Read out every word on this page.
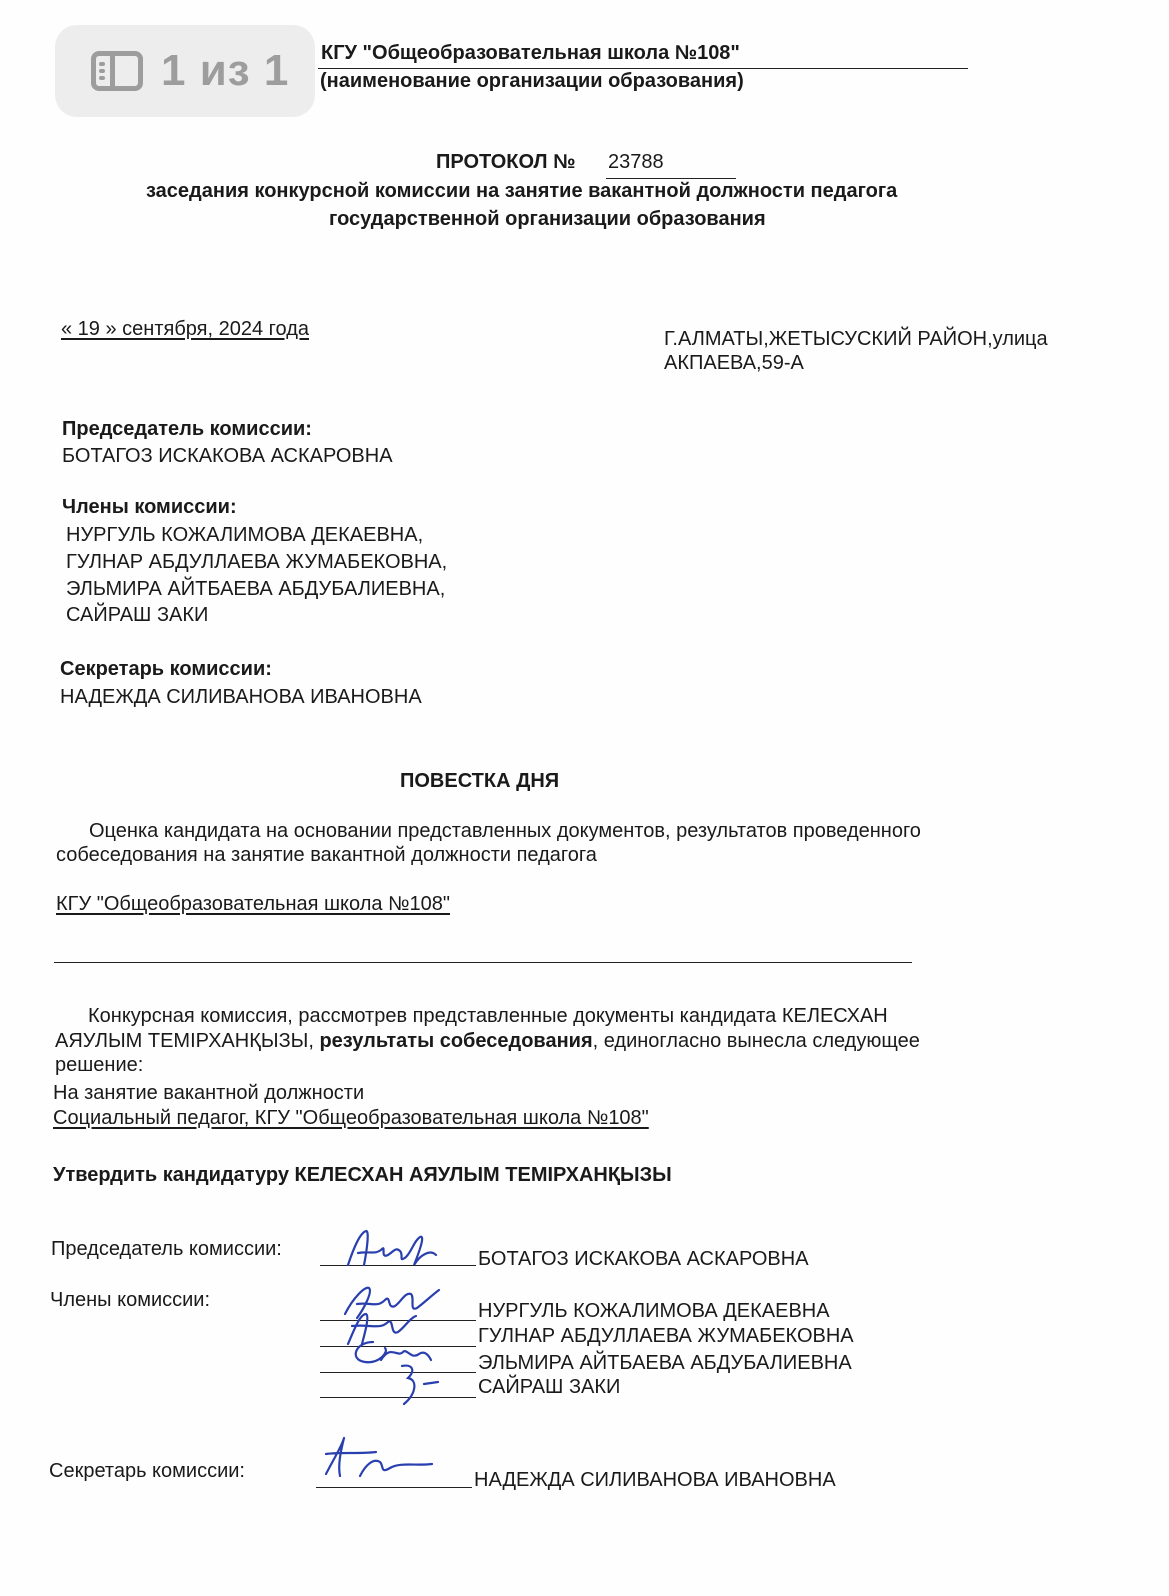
1 из 1 КГУ "Общеобразовательная школа №108"
(наименование организации образования)
ПРОТОКОЛ № 23788
заседания конкурсной комиссии на занятие вакантной должности педагога
государственной организации образования
« 19 » сентября, 2024 года	Г.АЛМАТЫ,ЖЕТЫСУСКИЙ РАЙОН,улица
АКПАЕВА,59-А
Председатель комиссии:
БОТАГОЗ ИСКАКОВА АСКАРОВНА
Члены комиссии:
НУРГУЛЬ КОЖАЛИМОВА ДЕКАЕВНА,
ГУЛНАР АБДУЛЛАЕВА ЖУМАБЕКОВНА,
ЭЛЬМИРА АЙТБАЕВА АБДУБАЛИЕВНА,
САЙРАШ ЗАКИ
Секретарь комиссии:
НАДЕЖДА СИЛИВАНОВА ИВАНОВНА
ПОВЕСТКА ДНЯ
Оценка кандидата на основании представленных документов, результатов проведенного
собеседования на занятие вакантной должности педагога
КГУ "Общеобразовательная школа №108"
Конкурсная комиссия, рассмотрев представленные документы кандидата КЕЛЕСХАН
АЯУЛЫМ ТЕМІРХАНҚЫЗЫ, результаты собеседования, единогласно вынесла следующее
решение:
На занятие вакантной должности
Социальный педагог, КГУ "Общеобразовательная школа №108"
Утвердить кандидатуру КЕЛЕСХАН АЯУЛЫМ ТЕМІРХАНҚЫЗЫ
Председатель комиссии:	БОТАГОЗ ИСКАКОВА АСКАРОВНА
Члены комиссии:	НУРГУЛЬ КОЖАЛИМОВА ДЕКАЕВНА
ГУЛНАР АБДУЛЛАЕВА ЖУМАБЕКОВНА
ЭЛЬМИРА АЙТБАЕВА АБДУБАЛИЕВНА
САЙРАШ ЗАКИ
Секретарь комиссии:	НАДЕЖДА СИЛИВАНОВА ИВАНОВНА
